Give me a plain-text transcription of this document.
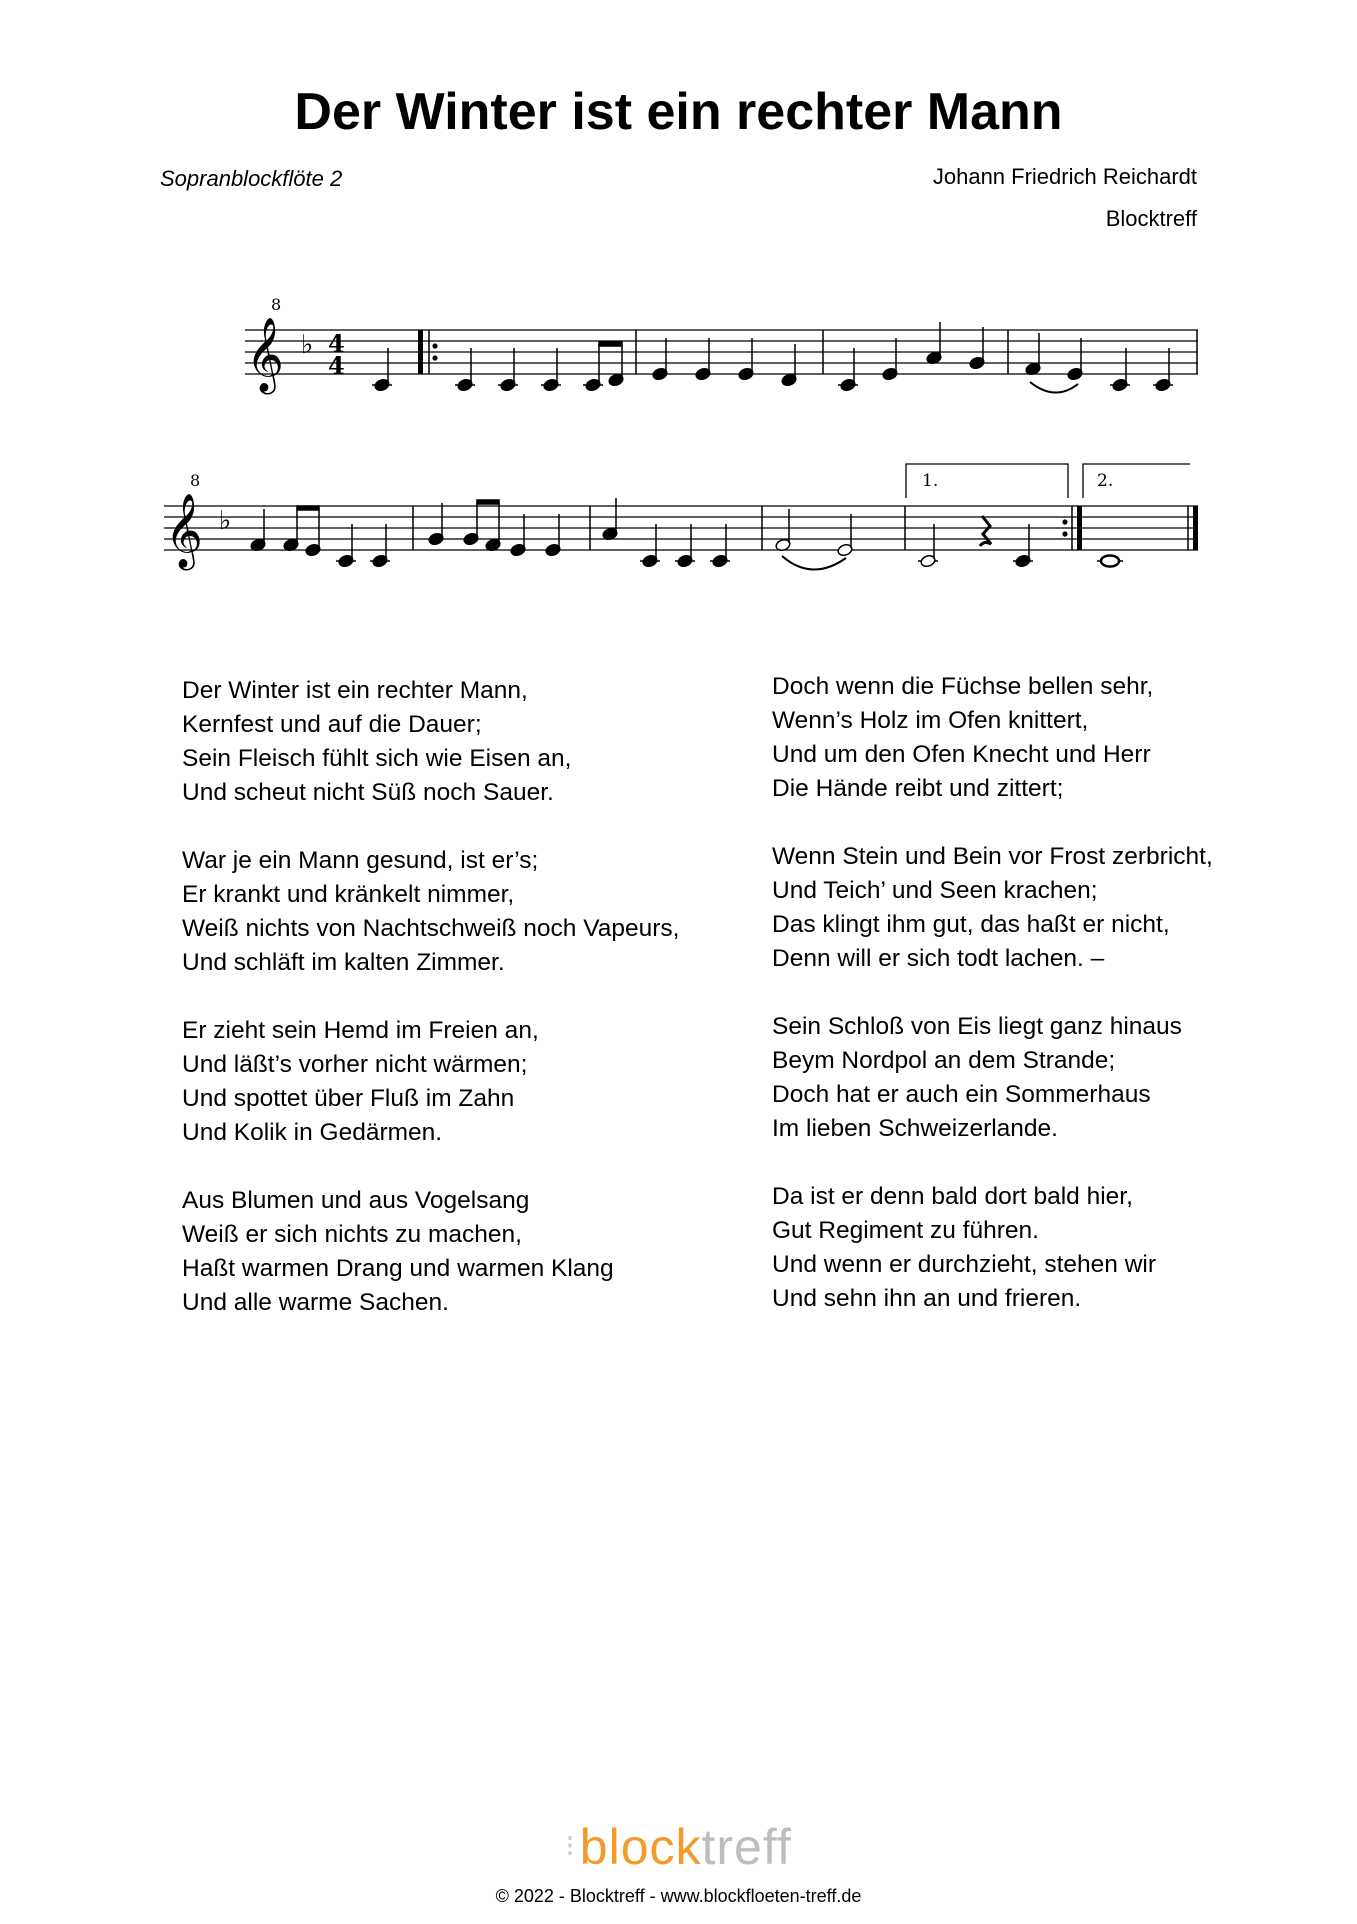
Der Winter ist ein rechter Mann
Sopranblockflöte 2	Johann Friedrich Reichardt
Blocktreff
𝄞
8
♭ 4
4
𝄞
8
♭
1.	2.
Der Winter ist ein rechter Mann,
Kernfest und auf die Dauer;
Sein Fleisch fühlt sich wie Eisen an,
Und scheut nicht Süß noch Sauer.
War je ein Mann gesund, ist er’s;
Er krankt und kränkelt nimmer,
Weiß nichts von Nachtschweiß noch Vapeurs,
Und schläft im kalten Zimmer.
Er zieht sein Hemd im Freien an,
Und läßt’s vorher nicht wärmen;
Und spottet über Fluß im Zahn
Und Kolik in Gedärmen.
Aus Blumen und aus Vogelsang
Weiß er sich nichts zu machen,
Haßt warmen Drang und warmen Klang
Und alle warme Sachen.
Doch wenn die Füchse bellen sehr,
Wenn’s Holz im Ofen knittert,
Und um den Ofen Knecht und Herr
Die Hände reibt und zittert;
Wenn Stein und Bein vor Frost zerbricht,
Und Teich’ und Seen krachen;
Das klingt ihm gut, das haßt er nicht,
Denn will er sich todt lachen. –
Sein Schloß von Eis liegt ganz hinaus
Beym Nordpol an dem Strande;
Doch hat er auch ein Sommerhaus
Im lieben Schweizerlande.
Da ist er denn bald dort bald hier,
Gut Regiment zu führen.
Und wenn er durchzieht, stehen wir
Und sehn ihn an und frieren.
⁝blocktreff
© 2022 - Blocktreff - www.blockfloeten-treff.de
